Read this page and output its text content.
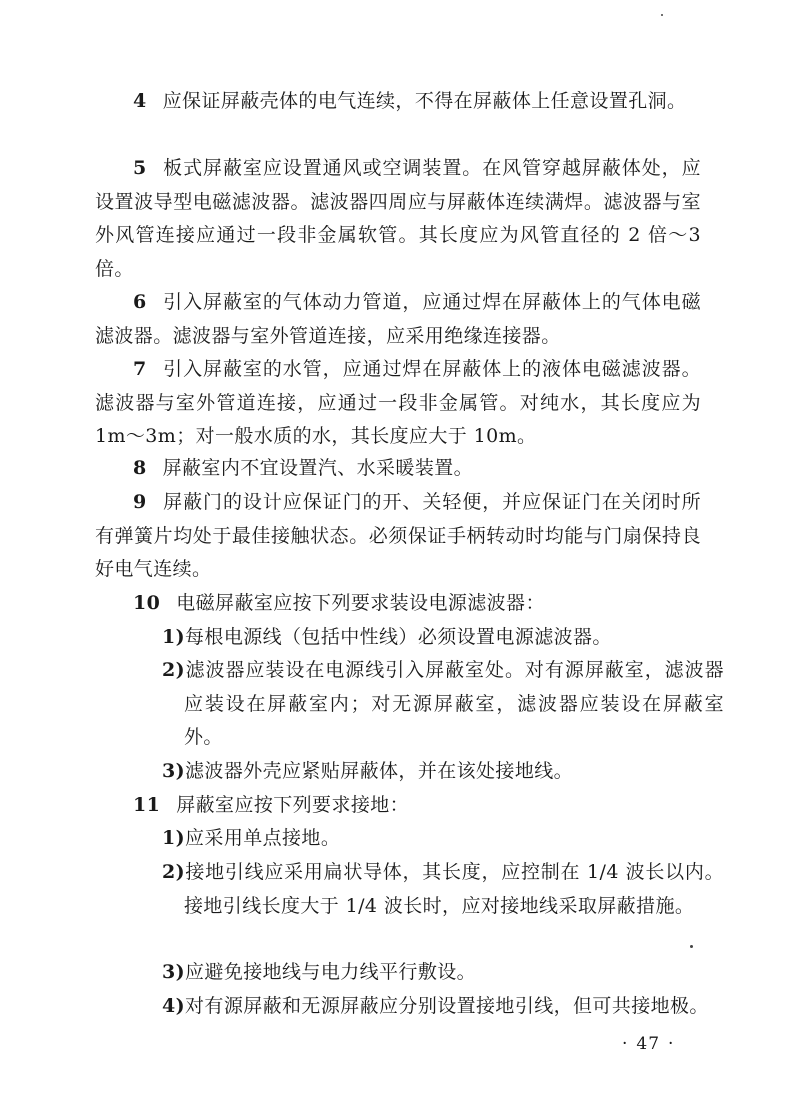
4 应保证屏蔽壳体的电气连续，不得在屏蔽体上任意设置孔洞。

5 板式屏蔽室应设置通风或空调装置。在风管穿越屏蔽体处，应设置波导型电磁滤波器。滤波器四周应与屏蔽体连续满焊。滤波器与室外风管连接应通过一段非金属软管。其长度应为风管直径的 2 倍～3 倍。

6 引入屏蔽室的气体动力管道，应通过焊在屏蔽体上的气体电磁滤波器。滤波器与室外管道连接，应采用绝缘连接器。

7 引入屏蔽室的水管，应通过焊在屏蔽体上的液体电磁滤波器。滤波器与室外管道连接，应通过一段非金属管。对纯水，其长度应为 1m～3m；对一般水质的水，其长度应大于 10m。

8 屏蔽室内不宜设置汽、水采暖装置。

9 屏蔽门的设计应保证门的开、关轻便，并应保证门在关闭时所有弹簧片均处于最佳接触状态。必须保证手柄转动时均能与门扇保持良好电气连续。

10 电磁屏蔽室应按下列要求装设电源滤波器：

1)每根电源线（包括中性线）必须设置电源滤波器。

2)滤波器应装设在电源线引入屏蔽室处。对有源屏蔽室，滤波器应装设在屏蔽室内；对无源屏蔽室，滤波器应装设在屏蔽室外。

3)滤波器外壳应紧贴屏蔽体，并在该处接地线。

11 屏蔽室应按下列要求接地：

1)应采用单点接地。

2)接地引线应采用扁状导体，其长度，应控制在 1/4 波长以内。接地引线长度大于 1/4 波长时，应对接地线采取屏蔽措施。

3)应避免接地线与电力线平行敷设。

4)对有源屏蔽和无源屏蔽应分别设置接地引线，但可共接地极。

· 47 ·
